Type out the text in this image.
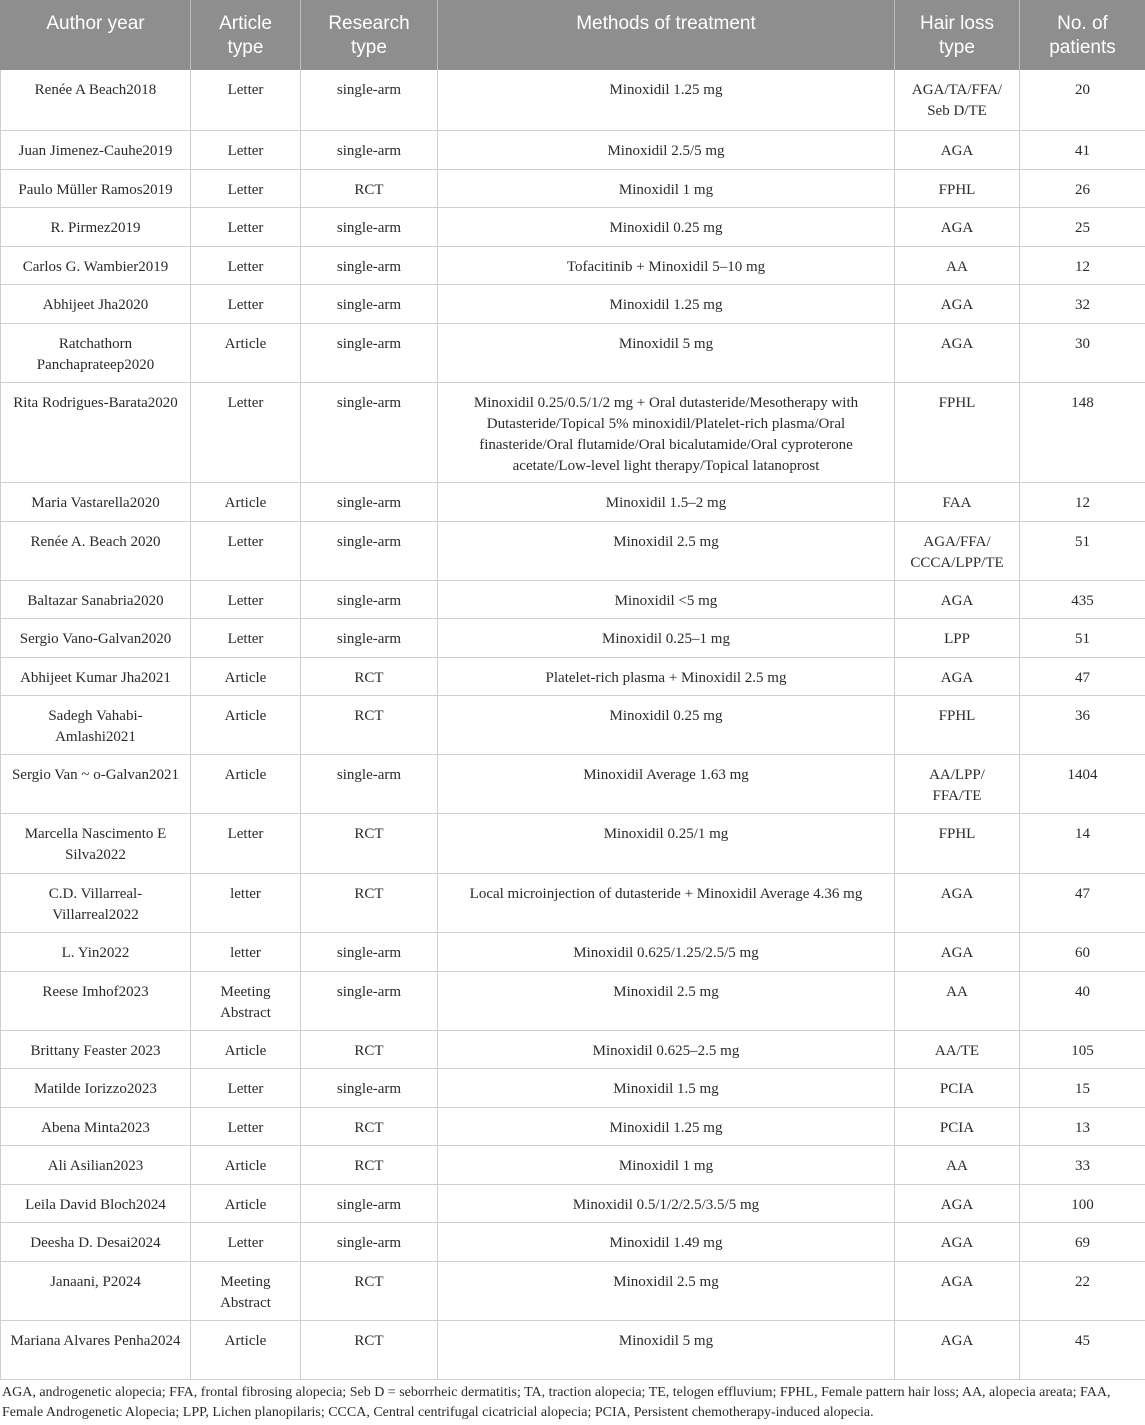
Author year	Article type	Research type	Methods of treatment	Hair loss type	No. of patients
Renée A Beach2018	Letter	single-arm	Minoxidil 1.25 mg	AGA/TA/FFA/ Seb D/TE	20
Juan Jimenez-Cauhe2019	Letter	single-arm	Minoxidil 2.5/5 mg	AGA	41
Paulo Müller Ramos2019	Letter	RCT	Minoxidil 1 mg	FPHL	26
R. Pirmez2019	Letter	single-arm	Minoxidil 0.25 mg	AGA	25
Carlos G. Wambier2019	Letter	single-arm	Tofacitinib + Minoxidil 5–10 mg	AA	12
Abhijeet Jha2020	Letter	single-arm	Minoxidil 1.25 mg	AGA	32
Ratchathorn Panchaprateep2020	Article	single-arm	Minoxidil 5 mg	AGA	30
Rita Rodrigues-Barata2020	Letter	single-arm	Minoxidil 0.25/0.5/1/2 mg + Oral dutasteride/Mesotherapy with Dutasteride/Topical 5% minoxidil/Platelet-rich plasma/Oral finasteride/Oral flutamide/Oral bicalutamide/Oral cyproterone acetate/Low-level light therapy/Topical latanoprost	FPHL	148
Maria Vastarella2020	Article	single-arm	Minoxidil 1.5–2 mg	FAA	12
Renée A. Beach 2020	Letter	single-arm	Minoxidil 2.5 mg	AGA/FFA/ CCCA/LPP/TE	51
Baltazar Sanabria2020	Letter	single-arm	Minoxidil <5 mg	AGA	435
Sergio Vano-Galvan2020	Letter	single-arm	Minoxidil 0.25–1 mg	LPP	51
Abhijeet Kumar Jha2021	Article	RCT	Platelet-rich plasma + Minoxidil 2.5 mg	AGA	47
Sadegh Vahabi-Amlashi2021	Article	RCT	Minoxidil 0.25 mg	FPHL	36
Sergio Van ~ o-Galvan2021	Article	single-arm	Minoxidil Average 1.63 mg	AA/LPP/ FFA/TE	1404
Marcella Nascimento E Silva2022	Letter	RCT	Minoxidil 0.25/1 mg	FPHL	14
C.D. Villarreal-Villarreal2022	letter	RCT	Local microinjection of dutasteride + Minoxidil Average 4.36 mg	AGA	47
L. Yin2022	letter	single-arm	Minoxidil 0.625/1.25/2.5/5 mg	AGA	60
Reese Imhof2023	Meeting Abstract	single-arm	Minoxidil 2.5 mg	AA	40
Brittany Feaster 2023	Article	RCT	Minoxidil 0.625–2.5 mg	AA/TE	105
Matilde Iorizzo2023	Letter	single-arm	Minoxidil 1.5 mg	PCIA	15
Abena Minta2023	Letter	RCT	Minoxidil 1.25 mg	PCIA	13
Ali Asilian2023	Article	RCT	Minoxidil 1 mg	AA	33
Leila David Bloch2024	Article	single-arm	Minoxidil 0.5/1/2/2.5/3.5/5 mg	AGA	100
Deesha D. Desai2024	Letter	single-arm	Minoxidil 1.49 mg	AGA	69
Janaani, P2024	Meeting Abstract	RCT	Minoxidil 2.5 mg	AGA	22
Mariana Alvares Penha2024	Article	RCT	Minoxidil 5 mg	AGA	45

AGA, androgenetic alopecia; FFA, frontal fibrosing alopecia; Seb D = seborrheic dermatitis; TA, traction alopecia; TE, telogen effluvium; FPHL, Female pattern hair loss; AA, alopecia areata; FAA, Female Androgenetic Alopecia; LPP, Lichen planopilaris; CCCA, Central centrifugal cicatricial alopecia; PCIA, Persistent chemotherapy-induced alopecia.
